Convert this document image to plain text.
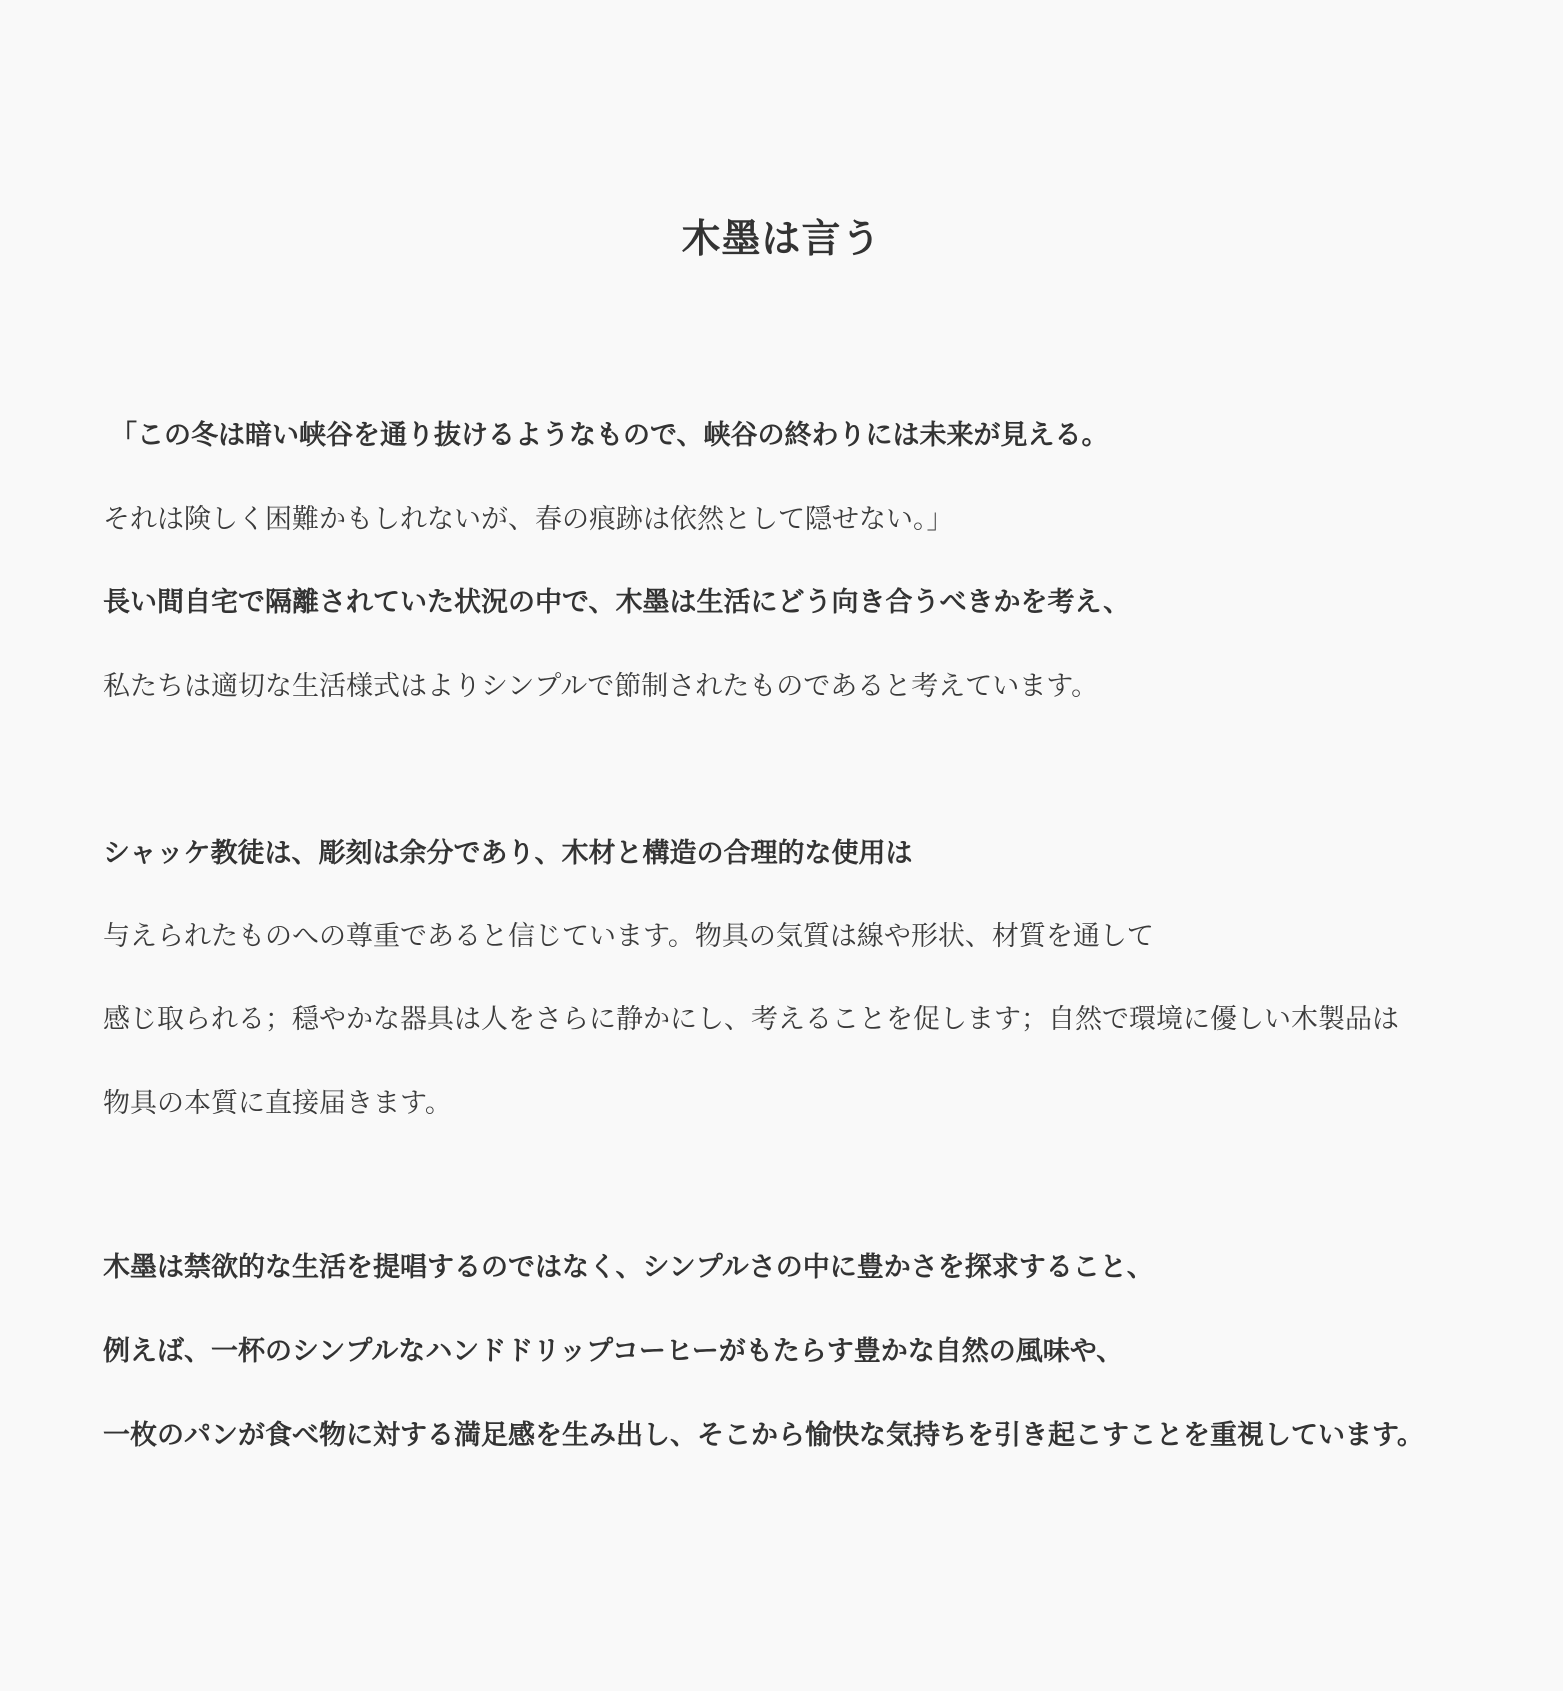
木墨は言う

「この冬は暗い峡谷を通り抜けるようなもので、峡谷の終わりには未来が見える。

それは険しく困難かもしれないが、春の痕跡は依然として隠せない。」

長い間自宅で隔離されていた状況の中で、木墨は生活にどう向き合うべきかを考え、

私たちは適切な生活様式はよりシンプルで節制されたものであると考えています。

シャッケ教徒は、彫刻は余分であり、木材と構造の合理的な使用は

与えられたものへの尊重であると信じています。物具の気質は線や形状、材質を通して

感じ取られる；穏やかな器具は人をさらに静かにし、考えることを促します；自然で環境に優しい木製品は

物具の本質に直接届きます。

木墨は禁欲的な生活を提唱するのではなく、シンプルさの中に豊かさを探求すること、

例えば、一杯のシンプルなハンドドリップコーヒーがもたらす豊かな自然の風味や、

一枚のパンが食べ物に対する満足感を生み出し、そこから愉快な気持ちを引き起こすことを重視しています。
